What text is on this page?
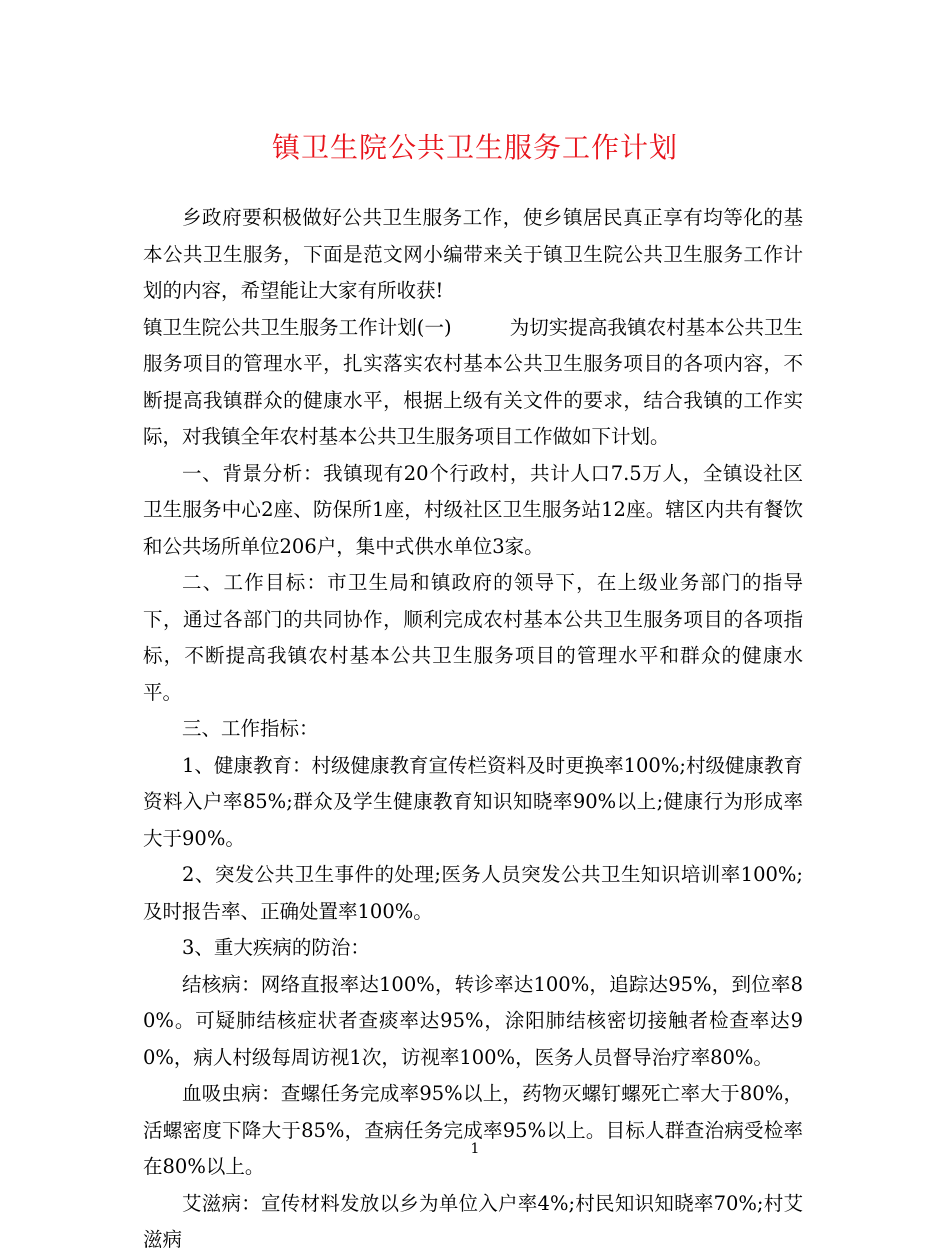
镇卫生院公共卫生服务工作计划

乡政府要积极做好公共卫生服务工作，使乡镇居民真正享有均等化的基本公共卫生服务，下面是范文网小编带来关于镇卫生院公共卫生服务工作计划的内容，希望能让大家有所收获!

镇卫生院公共卫生服务工作计划(一)	为切实提高我镇农村基本公共卫生服务项目的管理水平，扎实落实农村基本公共卫生服务项目的各项内容，不断提高我镇群众的健康水平，根据上级有关文件的要求，结合我镇的工作实际，对我镇全年农村基本公共卫生服务项目工作做如下计划。

一、背景分析：我镇现有20个行政村，共计人口7.5万人，全镇设社区卫生服务中心2座、防保所1座，村级社区卫生服务站12座。辖区内共有餐饮和公共场所单位206户，集中式供水单位3家。

二、工作目标：市卫生局和镇政府的领导下，在上级业务部门的指导下，通过各部门的共同协作，顺利完成农村基本公共卫生服务项目的各项指标，不断提高我镇农村基本公共卫生服务项目的管理水平和群众的健康水平。

三、工作指标：

1、健康教育：村级健康教育宣传栏资料及时更换率100%;村级健康教育资料入户率85%;群众及学生健康教育知识知晓率90%以上;健康行为形成率大于90%。

2、突发公共卫生事件的处理;医务人员突发公共卫生知识培训率100%;及时报告率、正确处置率100%。

3、重大疾病的防治：

结核病：网络直报率达100%，转诊率达100%，追踪达95%，到位率80%。可疑肺结核症状者查痰率达95%，涂阳肺结核密切接触者检查率达90%，病人村级每周访视1次，访视率100%，医务人员督导治疗率80%。

血吸虫病：查螺任务完成率95%以上，药物灭螺钉螺死亡率大于80%，活螺密度下降大于85%，查病任务完成率95%以上。目标人群查治病受检率在80%以上。

艾滋病：宣传材料发放以乡为单位入户率4%;村民知识知晓率70%;村艾滋病

1
